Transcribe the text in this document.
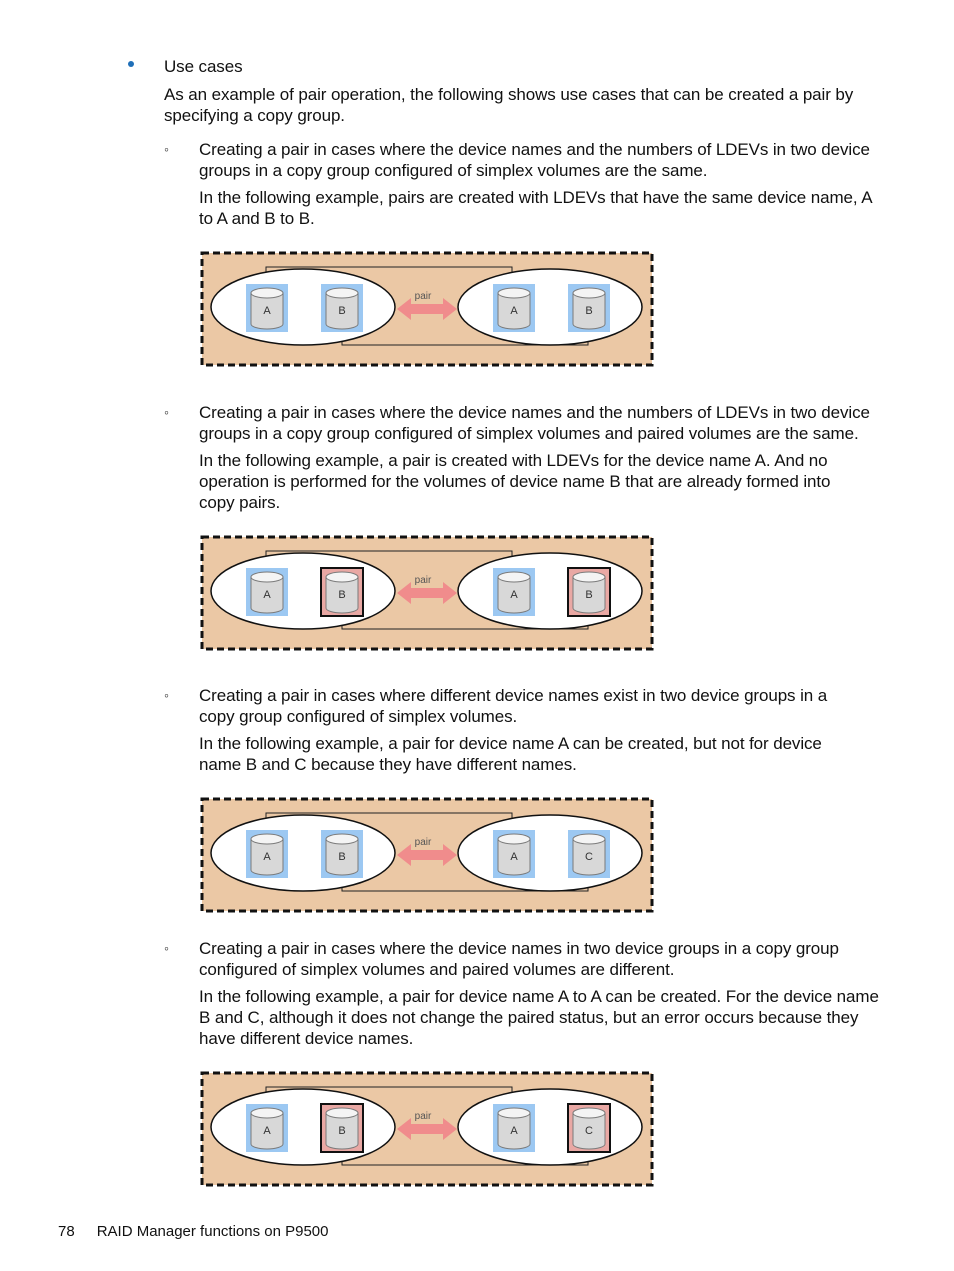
Use cases
As an example of pair operation, the following shows use cases that can be created a pair by specifying a copy group.
◦ Creating a pair in cases where the device names and the numbers of LDEVs in two device groups in a copy group configured of simplex volumes are the same.
In the following example, pairs are created with LDEVs that have the same device name, A to A and B to B.
A	B	A	B
pair
◦ Creating a pair in cases where the device names and the numbers of LDEVs in two device groups in a copy group configured of simplex volumes and paired volumes are the same.
In the following example, a pair is created with LDEVs for the device name A. And no operation is performed for the volumes of device name B that are already formed into copy pairs.
A	B	A	B
pair
◦ Creating a pair in cases where different device names exist in two device groups in a copy group configured of simplex volumes.
In the following example, a pair for device name A can be created, but not for device name B and C because they have different names.
A	B	A	C
pair
◦ Creating a pair in cases where the device names in two device groups in a copy group configured of simplex volumes and paired volumes are different.
In the following example, a pair for device name A to A can be created. For the device name B and C, although it does not change the paired status, but an error occurs because they have different device names.
A	B	A	C
pair
78 RAID Manager functions on P9500
